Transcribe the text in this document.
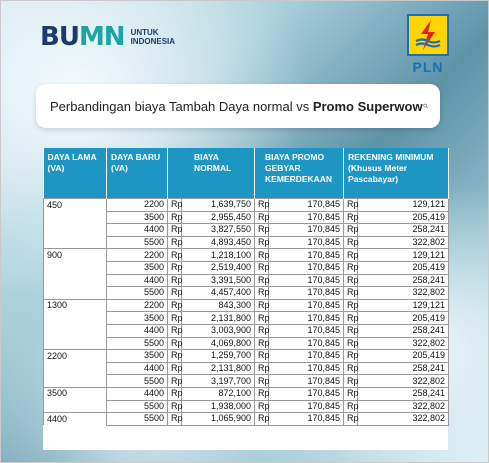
BUMN UNTUK
INDONESIA
PLN
Perbandingan biaya Tambah Daya normal vs Promo Superwow
DAYA LAMA (VA)	DAYA BARU (VA)	BIAYA NORMAL		BIAYA PROMO GEBYAR KEMERDEKAAN		REKENING MINIMUM (Khusus Meter Pascabayar)	
450	2200	Rp	1,639,750	Rp	170,845	Rp	129,121
	3500	Rp	2,955,450	Rp	170,845	Rp	205,419
	4400	Rp	3,827,550	Rp	170,845	Rp	258,241
	5500	Rp	4,893,450	Rp	170,845	Rp	322,802
900	2200	Rp	1,218,100	Rp	170,845	Rp	129,121
	3500	Rp	2,519,400	Rp	170,845	Rp	205,419
	4400	Rp	3,391,500	Rp	170,845	Rp	258,241
	5500	Rp	4,457,400	Rp	170,845	Rp	322,802
1300	2200	Rp	843,300	Rp	170,845	Rp	129,121
	3500	Rp	2,131,800	Rp	170,845	Rp	205,419
	4400	Rp	3,003,900	Rp	170,845	Rp	258,241
	5500	Rp	4,069,800	Rp	170,845	Rp	322,802
2200	3500	Rp	1,259,700	Rp	170,845	Rp	205,419
	4400	Rp	2,131,800	Rp	170,845	Rp	258,241
	5500	Rp	3,197,700	Rp	170,845	Rp	322,802
3500	4400	Rp	872,100	Rp	170,845	Rp	258,241
	5500	Rp	1,938,000	Rp	170,845	Rp	322,802
4400	5500	Rp	1,065,900	Rp	170,845	Rp	322,802
